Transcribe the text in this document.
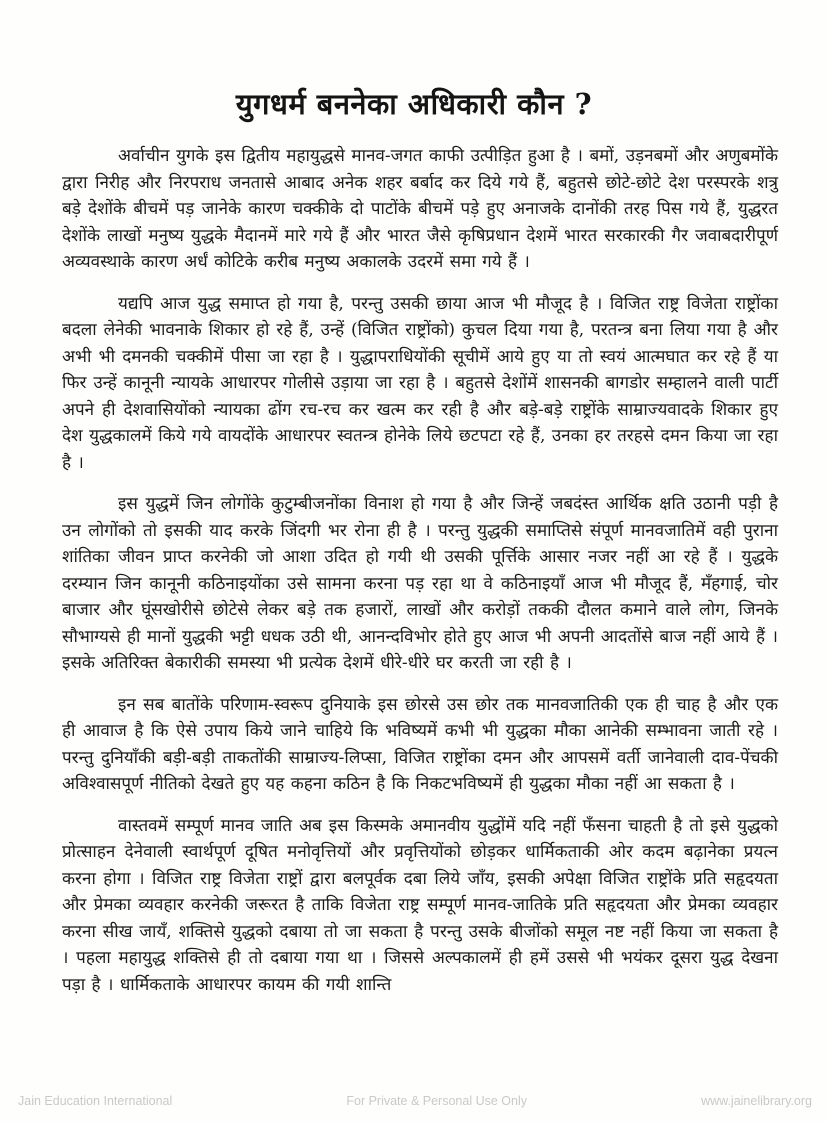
युगधर्म बननेका अधिकारी कौन ?

अर्वाचीन युगके इस द्वितीय महायुद्धसे मानव-जगत काफी उत्पीड़ित हुआ है । बमों, उड़नबमों और अणुबमोंके द्वारा निरीह और निरपराध जनतासे आबाद अनेक शहर बर्बाद कर दिये गये हैं, बहुतसे छोटे-छोटे देश परस्परके शत्रु बड़े देशोंके बीचमें पड़ जानेके कारण चक्कीके दो पाटोंके बीचमें पड़े हुए अनाजके दानोंकी तरह पिस गये हैं, युद्धरत देशोंके लाखों मनुष्य युद्धके मैदानमें मारे गये हैं और भारत जैसे कृषिप्रधान देशमें भारत सरकारकी गैर जवाबदारीपूर्ण अव्यवस्थाके कारण अर्धं कोटिके करीब मनुष्य अकालके उदरमें समा गये हैं ।

यद्यपि आज युद्ध समाप्त हो गया है, परन्तु उसकी छाया आज भी मौजूद है । विजित राष्ट्र विजेता राष्ट्रोंका बदला लेनेकी भावनाके शिकार हो रहे हैं, उन्हें (विजित राष्ट्रोंको) कुचल दिया गया है, परतन्त्र बना लिया गया है और अभी भी दमनकी चक्कीमें पीसा जा रहा है । युद्धापराधियोंकी सूचीमें आये हुए या तो स्वयं आत्मघात कर रहे हैं या फिर उन्हें कानूनी न्यायके आधारपर गोलीसे उड़ाया जा रहा है । बहुतसे देशोंमें शासनकी बागडोर सम्हालने वाली पार्टी अपने ही देशवासियोंको न्यायका ढोंग रच-रच कर खत्म कर रही है और बड़े-बड़े राष्ट्रोंके साम्राज्यवादके शिकार हुए देश युद्धकालमें किये गये वायदोंके आधारपर स्वतन्त्र होनेके लिये छटपटा रहे हैं, उनका हर तरहसे दमन किया जा रहा है ।

इस युद्धमें जिन लोगोंके कुटुम्बीजनोंका विनाश हो गया है और जिन्हें जबदंस्त आर्थिक क्षति उठानी पड़ी है उन लोगोंको तो इसकी याद करके जिंदगी भर रोना ही है । परन्तु युद्धकी समाप्तिसे संपूर्ण मानवजातिमें वही पुराना शांतिका जीवन प्राप्त करनेकी जो आशा उदित हो गयी थी उसकी पूर्त्तिके आसार नजर नहीं आ रहे हैं । युद्धके दरम्यान जिन कानूनी कठिनाइयोंका उसे सामना करना पड़ रहा था वे कठिनाइयाँ आज भी मौजूद हैं, मँहगाई, चोर बाजार और घूंसखोरीसे छोटेसे लेकर बड़े तक हजारों, लाखों और करोड़ों तककी दौलत कमाने वाले लोग, जिनके सौभाग्यसे ही मानों युद्धकी भट्टी धधक उठी थी, आनन्दविभोर होते हुए आज भी अपनी आदतोंसे बाज नहीं आये हैं । इसके अतिरिक्त बेकारीकी समस्या भी प्रत्येक देशमें धीरे-धीरे घर करती जा रही है ।

इन सब बातोंके परिणाम-स्वरूप दुनियाके इस छोरसे उस छोर तक मानवजातिकी एक ही चाह है और एक ही आवाज है कि ऐसे उपाय किये जाने चाहिये कि भविष्यमें कभी भी युद्धका मौका आनेकी सम्भावना जाती रहे । परन्तु दुनियाँकी बड़ी-बड़ी ताकतोंकी साम्राज्य-लिप्सा, विजित राष्ट्रोंका दमन और आपसमें वर्ती जानेवाली दाव-पेंचकी अविश्वासपूर्ण नीतिको देखते हुए यह कहना कठिन है कि निकटभविष्यमें ही युद्धका मौका नहीं आ सकता है ।

वास्तवमें सम्पूर्ण मानव जाति अब इस किस्मके अमानवीय युद्धोंमें यदि नहीं फँसना चाहती है तो इसे युद्धको प्रोत्साहन देनेवाली स्वार्थपूर्ण दूषित मनोवृत्तियों और प्रवृत्तियोंको छोड़कर धार्मिकताकी ओर कदम बढ़ानेका प्रयत्न करना होगा । विजित राष्ट्र विजेता राष्ट्रों द्वारा बलपूर्वक दबा लिये जाँय, इसकी अपेक्षा विजित राष्ट्रोंके प्रति सहृदयता और प्रेमका व्यवहार करनेकी जरूरत है ताकि विजेता राष्ट्र सम्पूर्ण मानव-जातिके प्रति सहृदयता और प्रेमका व्यवहार करना सीख जायँ, शक्तिसे युद्धको दबाया तो जा सकता है परन्तु उसके बीजोंको समूल नष्ट नहीं किया जा सकता है । पहला महायुद्ध शक्तिसे ही तो दबाया गया था । जिससे अल्पकालमें ही हमें उससे भी भयंकर दूसरा युद्ध देखना पड़ा है । धार्मिकताके आधारपर कायम की गयी शान्ति

Jain Education International	For Private & Personal Use Only	www.jainelibrary.org
